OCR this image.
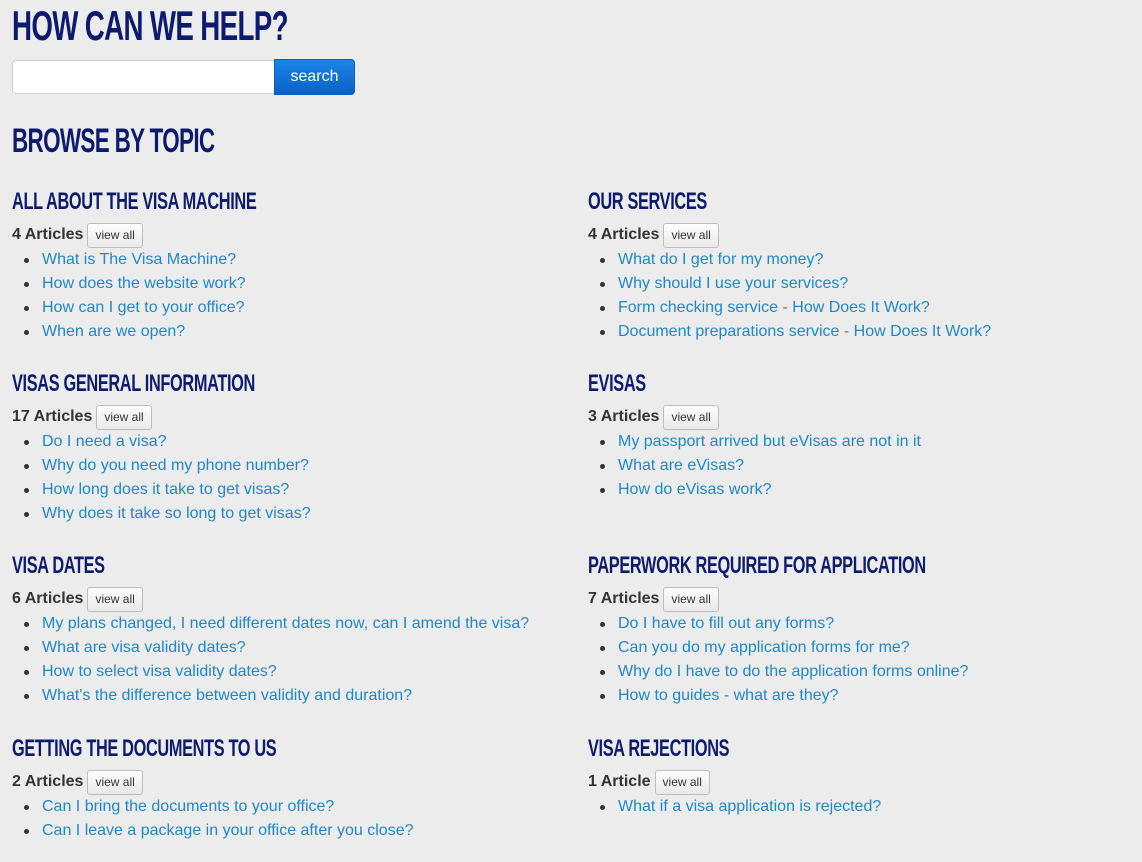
HOW CAN WE HELP?
search
BROWSE BY TOPIC
ALL ABOUT THE VISA MACHINE
4 Articles	view all
What is The Visa Machine?
How does the website work?
How can I get to your office?
When are we open?
OUR SERVICES
4 Articles	view all
What do I get for my money?
Why should I use your services?
Form checking service - How Does It Work?
Document preparations service - How Does It Work?
VISAS GENERAL INFORMATION
17 Articles	view all
Do I need a visa?
Why do you need my phone number?
How long does it take to get visas?
Why does it take so long to get visas?
EVISAS
3 Articles	view all
My passport arrived but eVisas are not in it
What are eVisas?
How do eVisas work?
VISA DATES
6 Articles	view all
My plans changed, I need different dates now, can I amend the visa?
What are visa validity dates?
How to select visa validity dates?
What's the difference between validity and duration?
PAPERWORK REQUIRED FOR APPLICATION
7 Articles	view all
Do I have to fill out any forms?
Can you do my application forms for me?
Why do I have to do the application forms online?
How to guides - what are they?
GETTING THE DOCUMENTS TO US
2 Articles	view all
Can I bring the documents to your office?
Can I leave a package in your office after you close?
VISA REJECTIONS
1 Article	view all
What if a visa application is rejected?
